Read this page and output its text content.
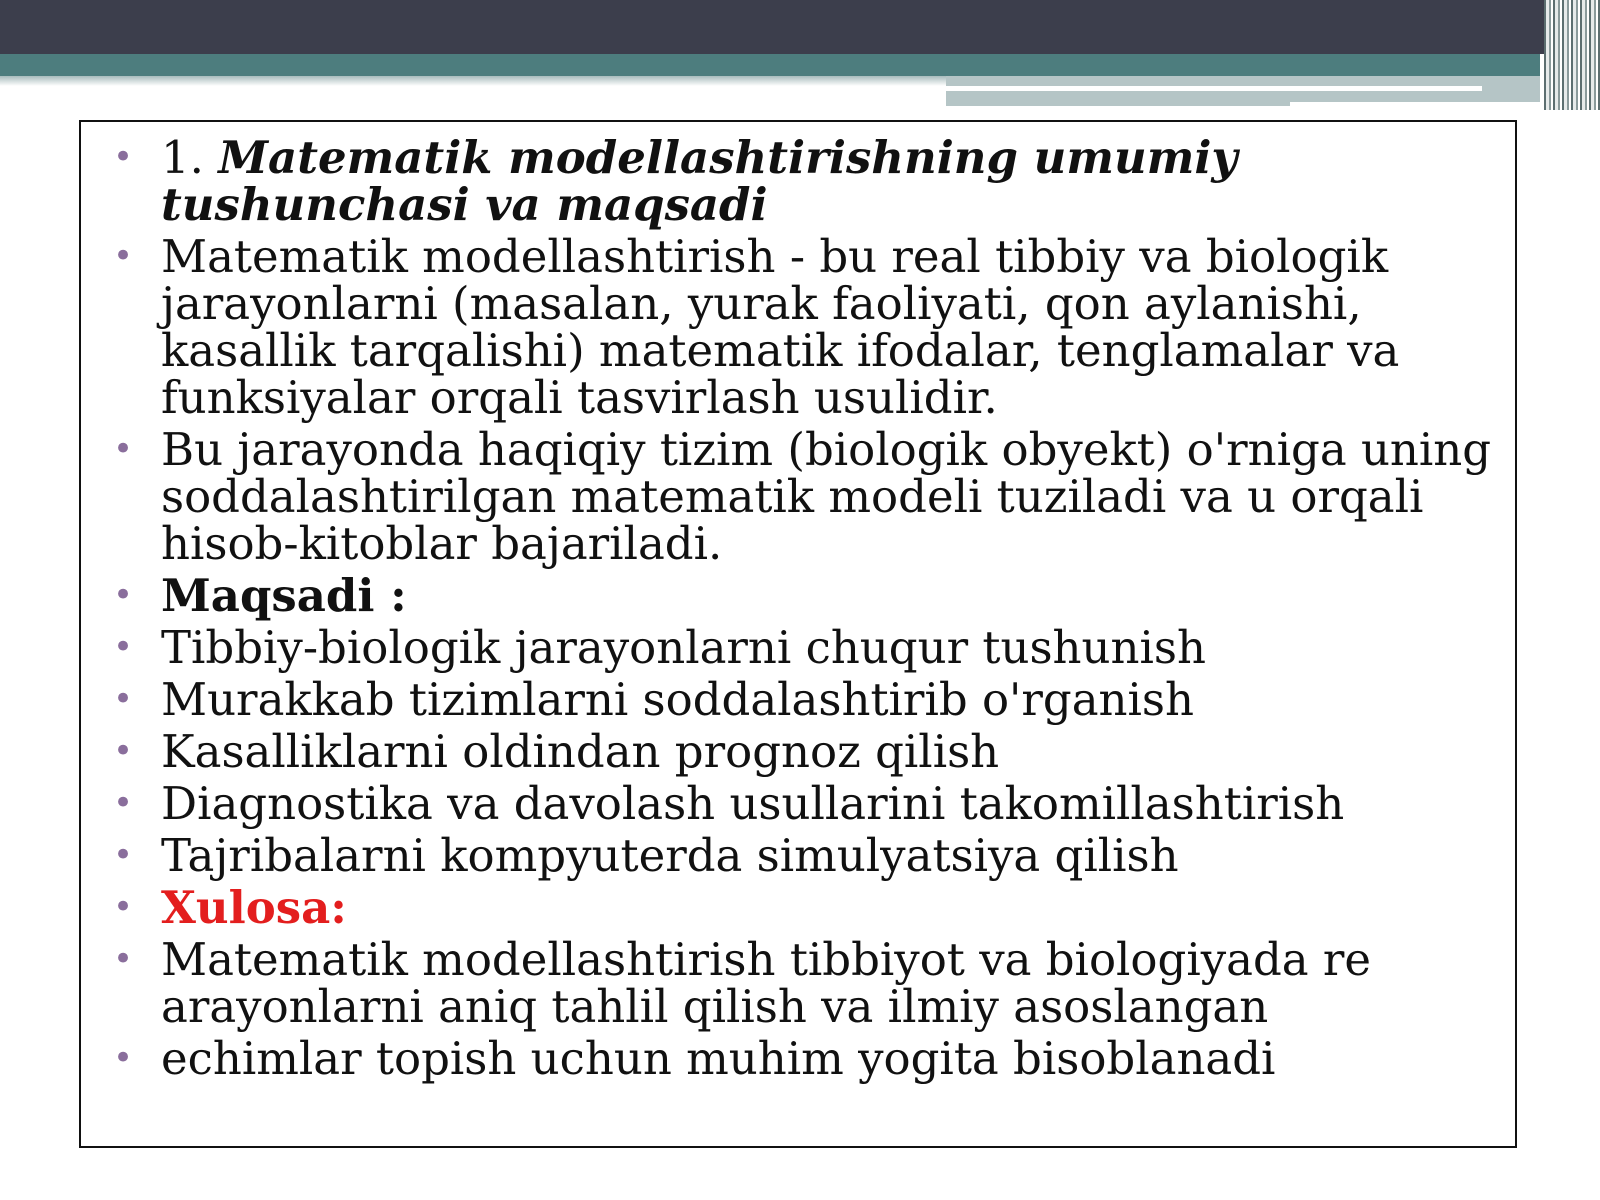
• 1. Matematik modellashtirishning umumiy tushunchasi va maqsadi
• Matematik modellashtirish - bu real tibbiy va biologik jarayonlarni (masalan, yurak faoliyati, qon aylanishi, kasallik tarqalishi) matematik ifodalar, tenglamalar va funksiyalar orqali tasvirlash usulidir.
• Bu jarayonda haqiqiy tizim (biologik obyekt) o'rniga uning soddalashtirilgan matematik modeli tuziladi va u orqali hisob-kitoblar bajariladi.
• Maqsadi :
• Tibbiy-biologik jarayonlarni chuqur tushunish
• Murakkab tizimlarni soddalashtirib o'rganish
• Kasalliklarni oldindan prognoz qilish
• Diagnostika va davolash usullarini takomillashtirish
• Tajribalarni kompyuterda simulyatsiya qilish
• Xulosa:
• Matematik modellashtirish tibbiyot va biologiyada re arayonlarni aniq tahlil qilish va ilmiy asoslangan
• echimlar topish uchun muhim yogita bisoblanadi
